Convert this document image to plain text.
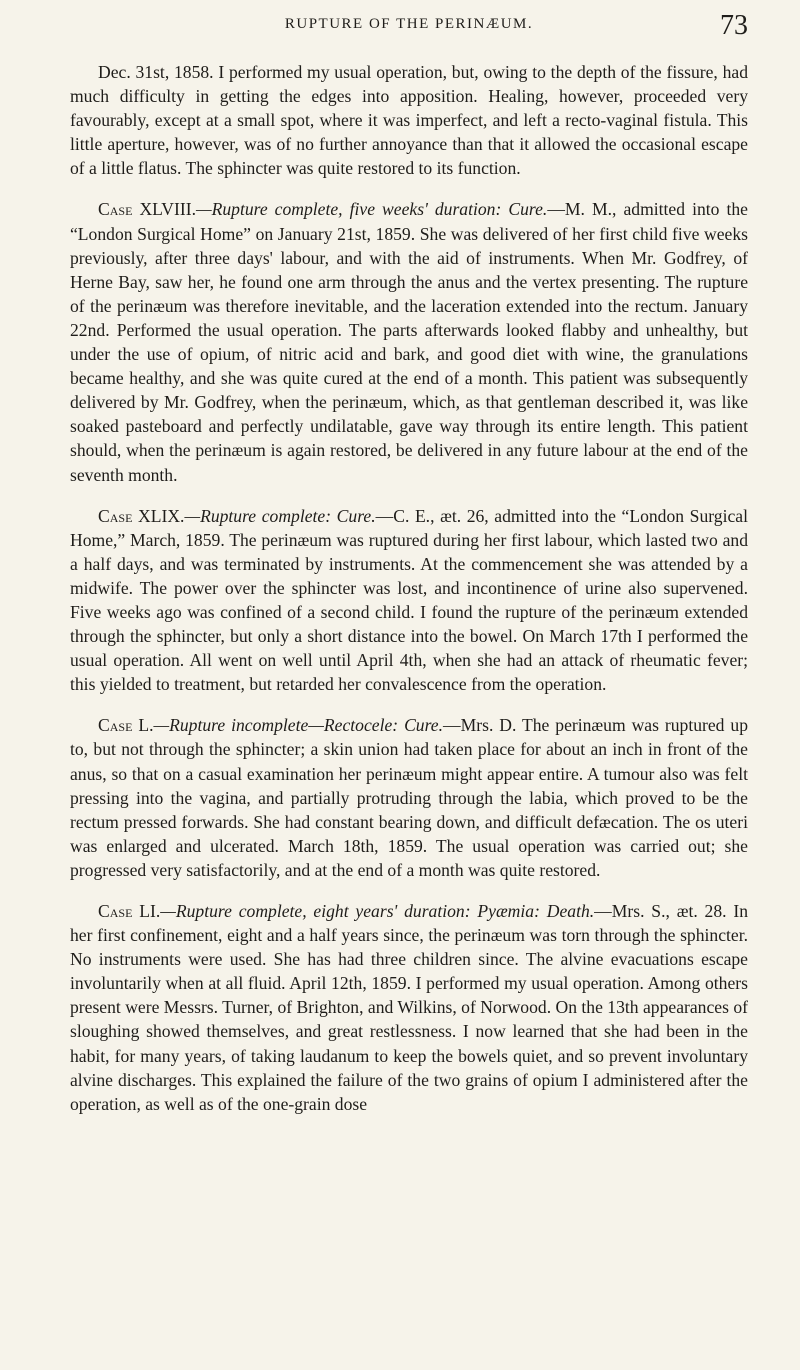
RUPTURE OF THE PERINÆUM.	73

Dec. 31st, 1858. I performed my usual operation, but, owing to the depth of the fissure, had much difficulty in getting the edges into apposition. Healing, however, proceeded very favourably, except at a small spot, where it was imperfect, and left a recto-vaginal fistula. This little aperture, however, was of no further annoyance than that it allowed the occasional escape of a little flatus. The sphincter was quite restored to its function.

Case XLVIII.—Rupture complete, five weeks' duration: Cure.—M. M., admitted into the “London Surgical Home” on January 21st, 1859. She was delivered of her first child five weeks previously, after three days' labour, and with the aid of instruments. When Mr. Godfrey, of Herne Bay, saw her, he found one arm through the anus and the vertex presenting. The rupture of the perinæum was therefore inevitable, and the laceration extended into the rectum. January 22nd. Performed the usual operation. The parts afterwards looked flabby and unhealthy, but under the use of opium, of nitric acid and bark, and good diet with wine, the granulations became healthy, and she was quite cured at the end of a month. This patient was subsequently delivered by Mr. Godfrey, when the perinæum, which, as that gentleman described it, was like soaked pasteboard and perfectly undilatable, gave way through its entire length. This patient should, when the perinæum is again restored, be delivered in any future labour at the end of the seventh month.

Case XLIX.—Rupture complete: Cure.—C. E., æt. 26, admitted into the “London Surgical Home,” March, 1859. The perinæum was ruptured during her first labour, which lasted two and a half days, and was terminated by instruments. At the commencement she was attended by a midwife. The power over the sphincter was lost, and incontinence of urine also supervened. Five weeks ago was confined of a second child. I found the rupture of the perinæum extended through the sphincter, but only a short distance into the bowel. On March 17th I performed the usual operation. All went on well until April 4th, when she had an attack of rheumatic fever; this yielded to treatment, but retarded her convalescence from the operation.

Case L.—Rupture incomplete—Rectocele: Cure.—Mrs. D. The perinæum was ruptured up to, but not through the sphincter; a skin union had taken place for about an inch in front of the anus, so that on a casual examination her perinæum might appear entire. A tumour also was felt pressing into the vagina, and partially protruding through the labia, which proved to be the rectum pressed forwards. She had constant bearing down, and difficult defæcation. The os uteri was enlarged and ulcerated. March 18th, 1859. The usual operation was carried out; she progressed very satisfactorily, and at the end of a month was quite restored.

Case LI.—Rupture complete, eight years' duration: Pyæmia: Death.—Mrs. S., æt. 28. In her first confinement, eight and a half years since, the perinæum was torn through the sphincter. No instruments were used. She has had three children since. The alvine evacuations escape involuntarily when at all fluid. April 12th, 1859. I performed my usual operation. Among others present were Messrs. Turner, of Brighton, and Wilkins, of Norwood. On the 13th appearances of sloughing showed themselves, and great restlessness. I now learned that she had been in the habit, for many years, of taking laudanum to keep the bowels quiet, and so prevent involuntary alvine discharges. This explained the failure of the two grains of opium I administered after the operation, as well as of the one-grain dose
